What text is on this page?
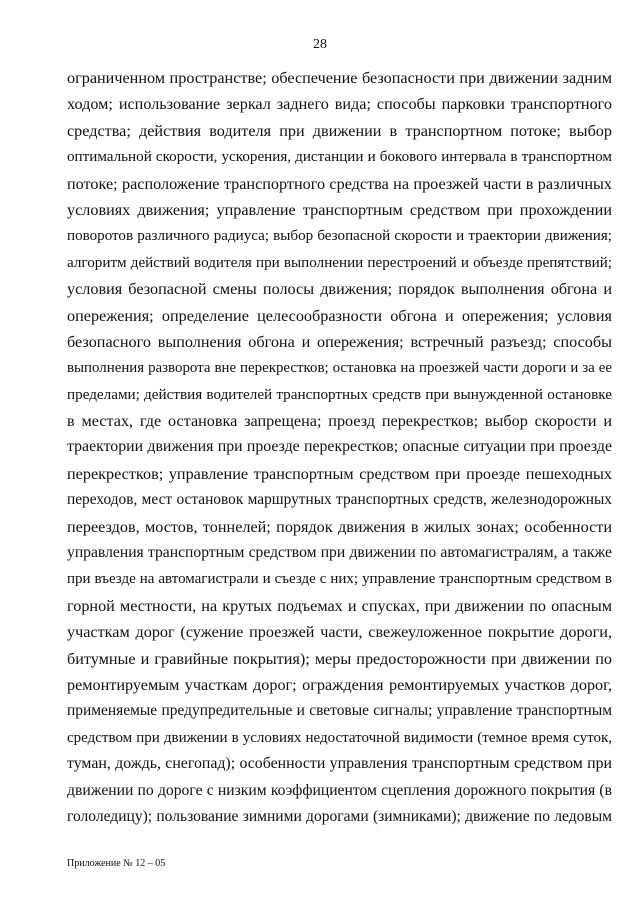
28
ограниченном пространстве; обеспечение безопасности при движении задним
ходом; использование зеркал заднего вида; способы парковки транспортного
средства; действия водителя при движении в транспортном потоке; выбор
оптимальной скорости, ускорения, дистанции и бокового интервала в транспортном
потоке; расположение транспортного средства на проезжей части в различных
условиях движения; управление транспортным средством при прохождении
поворотов различного радиуса; выбор безопасной скорости и траектории движения;
алгоритм действий водителя при выполнении перестроений и объезде препятствий;
условия безопасной смены полосы движения; порядок выполнения обгона и
опережения; определение целесообразности обгона и опережения; условия
безопасного выполнения обгона и опережения; встречный разъезд; способы
выполнения разворота вне перекрестков; остановка на проезжей части дороги и за ее
пределами; действия водителей транспортных средств при вынужденной остановке
в местах, где остановка запрещена; проезд перекрестков; выбор скорости и
траектории движения при проезде перекрестков; опасные ситуации при проезде
перекрестков; управление транспортным средством при проезде пешеходных
переходов, мест остановок маршрутных транспортных средств, железнодорожных
переездов, мостов, тоннелей; порядок движения в жилых зонах; особенности
управления транспортным средством при движении по автомагистралям, а также
при въезде на автомагистрали и съезде с них; управление транспортным средством в
горной местности, на крутых подъемах и спусках, при движении по опасным
участкам дорог (сужение проезжей части, свежеуложенное покрытие дороги,
битумные и гравийные покрытия); меры предосторожности при движении по
ремонтируемым участкам дорог; ограждения ремонтируемых участков дорог,
применяемые предупредительные и световые сигналы; управление транспортным
средством при движении в условиях недостаточной видимости (темное время суток,
туман, дождь, снегопад); особенности управления транспортным средством при
движении по дороге с низким коэффициентом сцепления дорожного покрытия (в
гололедицу); пользование зимними дорогами (зимниками); движение по ледовым
Приложение № 12 – 05
